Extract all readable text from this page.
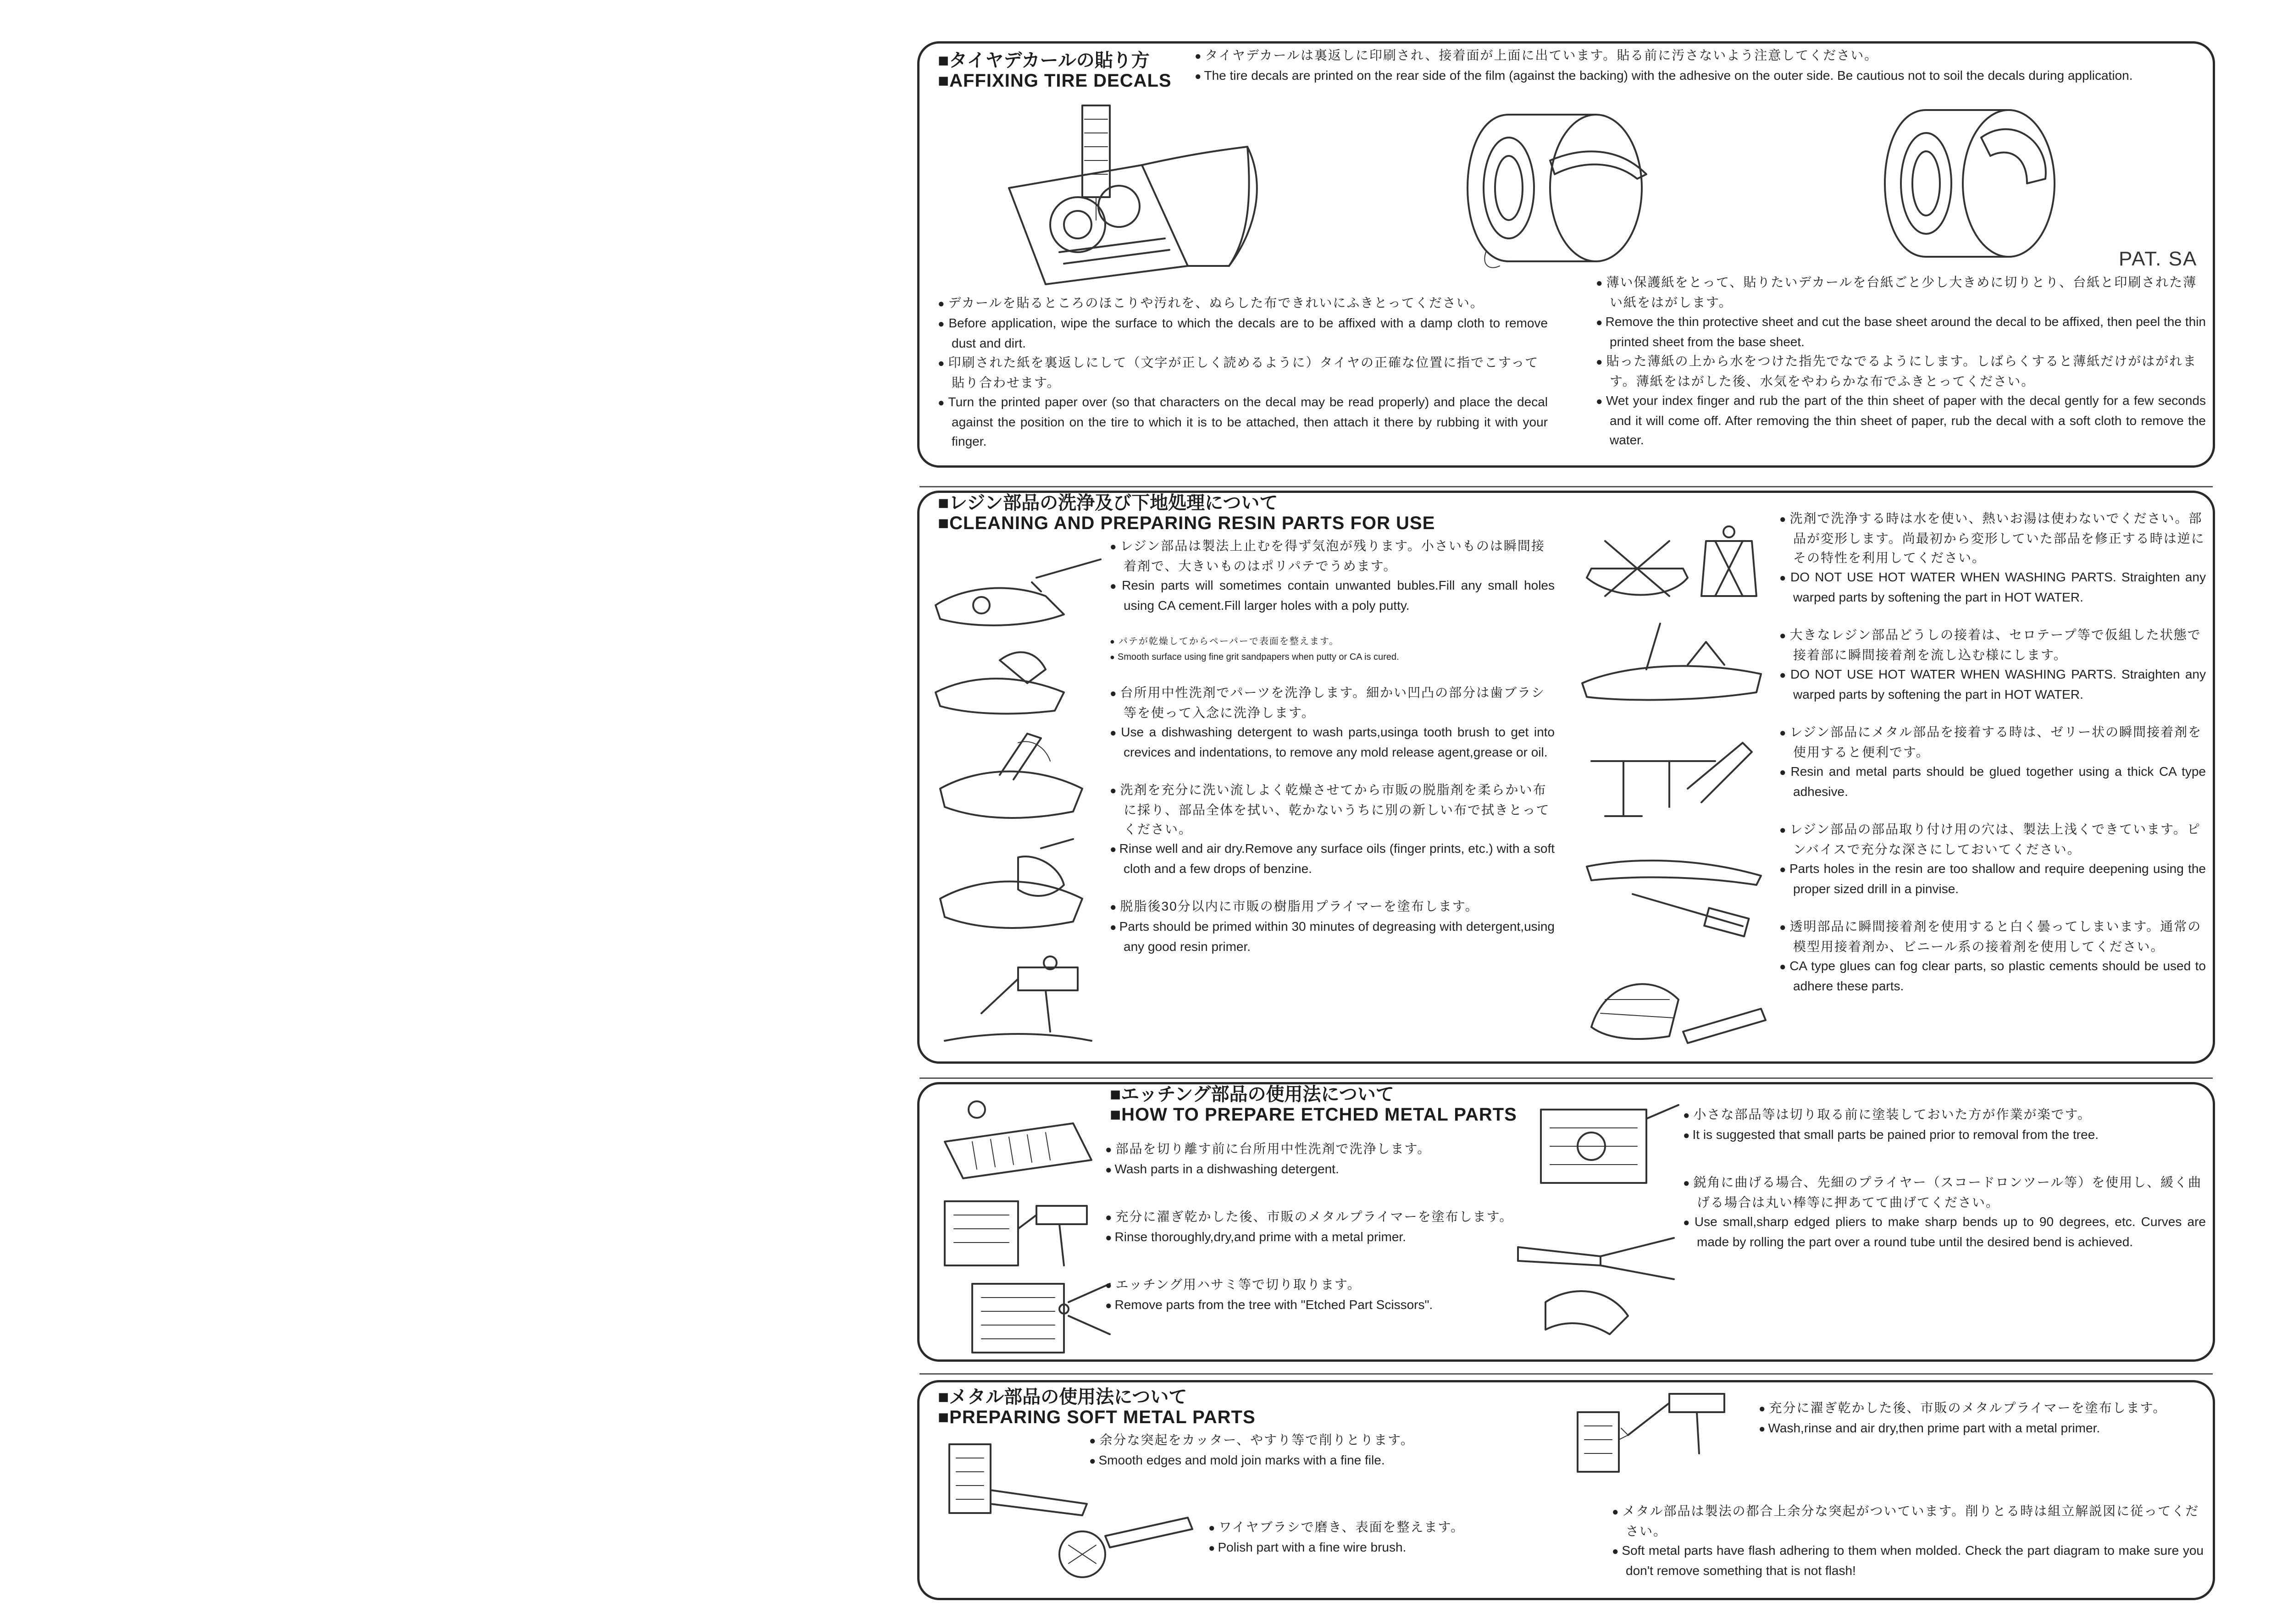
■タイヤデカールの貼り方
■AFFIXING TIRE DECALS

● タイヤデカールは裏返しに印刷され、接着面が上面に出ています。貼る前に汚さないよう注意してください。

● The tire decals are printed on the rear side of the film (against the backing) with the adhesive on the outer side. Be cautious not to soil the decals during application.

PAT. SA

● デカールを貼るところのほこりや汚れを、ぬらした布できれいにふきとってください。

● Before application, wipe the surface to which the decals are to be affixed with a damp cloth to remove dust and dirt.

● 印刷された紙を裏返しにして（文字が正しく読めるように）タイヤの正確な位置に指でこすって貼り合わせます。

● Turn the printed paper over (so that characters on the decal may be read properly) and place the decal against the position on the tire to which it is to be attached, then attach it there by rubbing it with your finger.

● 薄い保護紙をとって、貼りたいデカールを台紙ごと少し大きめに切りとり、台紙と印刷された薄い紙をはがします。

● Remove the thin protective sheet and cut the base sheet around the decal to be affixed, then peel the thin printed sheet from the base sheet.

● 貼った薄紙の上から水をつけた指先でなでるようにします。しばらくすると薄紙だけがはがれます。薄紙をはがした後、水気をやわらかな布でふきとってください。

● Wet your index finger and rub the part of the thin sheet of paper with the decal gently for a few seconds and it will come off. After removing the thin sheet of paper, rub the decal with a soft cloth to remove the water.

■レジン部品の洗浄及び下地処理について
■CLEANING AND PREPARING RESIN PARTS FOR USE

● レジン部品は製法上止むを得ず気泡が残ります。小さいものは瞬間接着剤で、大きいものはポリパテでうめます。

● Resin parts will sometimes contain unwanted bubles.Fill any small holes using CA cement.Fill larger holes with a poly putty.

● パテが乾燥してからペーパーで表面を整えます。

● Smooth surface using fine grit sandpapers when putty or CA is cured.

● 台所用中性洗剤でパーツを洗浄します。細かい凹凸の部分は歯ブラシ等を使って入念に洗浄します。

● Use a dishwashing detergent to wash parts,usinga tooth brush to get into crevices and indentations, to remove any mold release agent,grease or oil.

● 洗剤を充分に洗い流しよく乾燥させてから市販の脱脂剤を柔らかい布に採り、部品全体を拭い、乾かないうちに別の新しい布で拭きとってください。

● Rinse well and air dry.Remove any surface oils (finger prints, etc.) with a soft cloth and a few drops of benzine.

● 脱脂後30分以内に市販の樹脂用プライマーを塗布します。

● Parts should be primed within 30 minutes of degreasing with detergent,using any good resin primer.

● 洗剤で洗浄する時は水を使い、熱いお湯は使わないでください。部品が変形します。尚最初から変形していた部品を修正する時は逆にその特性を利用してください。

● DO NOT USE HOT WATER WHEN WASHING PARTS. Straighten any warped parts by softening the part in HOT WATER.

● 大きなレジン部品どうしの接着は、セロテープ等で仮組した状態で接着部に瞬間接着剤を流し込む様にします。

● DO NOT USE HOT WATER WHEN WASHING PARTS. Straighten any warped parts by softening the part in HOT WATER.

● レジン部品にメタル部品を接着する時は、ゼリー状の瞬間接着剤を使用すると便利です。

● Resin and metal parts should be glued together using a thick CA type adhesive.

● レジン部品の部品取り付け用の穴は、製法上浅くできています。ピンバイスで充分な深さにしておいてください。

● Parts holes in the resin are too shallow and require deepening using the proper sized drill in a pinvise.

● 透明部品に瞬間接着剤を使用すると白く曇ってしまいます。通常の模型用接着剤か、ビニール系の接着剤を使用してください。

● CA type glues can fog clear parts, so plastic cements should be used to adhere these parts.

■エッチング部品の使用法について
■HOW TO PREPARE ETCHED METAL PARTS

● 部品を切り離す前に台所用中性洗剤で洗浄します。

● Wash parts in a dishwashing detergent.

● 充分に濯ぎ乾かした後、市販のメタルプライマーを塗布します。

● Rinse thoroughly,dry,and prime with a metal primer.

● エッチング用ハサミ等で切り取ります。

● Remove parts from the tree with "Etched Part Scissors".

● 小さな部品等は切り取る前に塗装しておいた方が作業が楽です。

● It is suggested that small parts be pained prior to removal from the tree.

● 鋭角に曲げる場合、先細のプライヤー（スコードロンツール等）を使用し、緩く曲げる場合は丸い棒等に押あてて曲げてください。

● Use small,sharp edged pliers to make sharp bends up to 90 degrees, etc. Curves are made by rolling the part over a round tube until the desired bend is achieved.

■メタル部品の使用法について
■PREPARING SOFT METAL PARTS

● 余分な突起をカッター、やすり等で削りとります。

● Smooth edges and mold join marks with a fine file.

● ワイヤブラシで磨き、表面を整えます。

● Polish part with a fine wire brush.

● 充分に濯ぎ乾かした後、市販のメタルプライマーを塗布します。

● Wash,rinse and air dry,then prime part with a metal primer.

● メタル部品は製法の都合上余分な突起がついています。削りとる時は組立解説図に従ってください。

● Soft metal parts have flash adhering to them when molded. Check the part diagram to make sure you don't remove something that is not flash!
